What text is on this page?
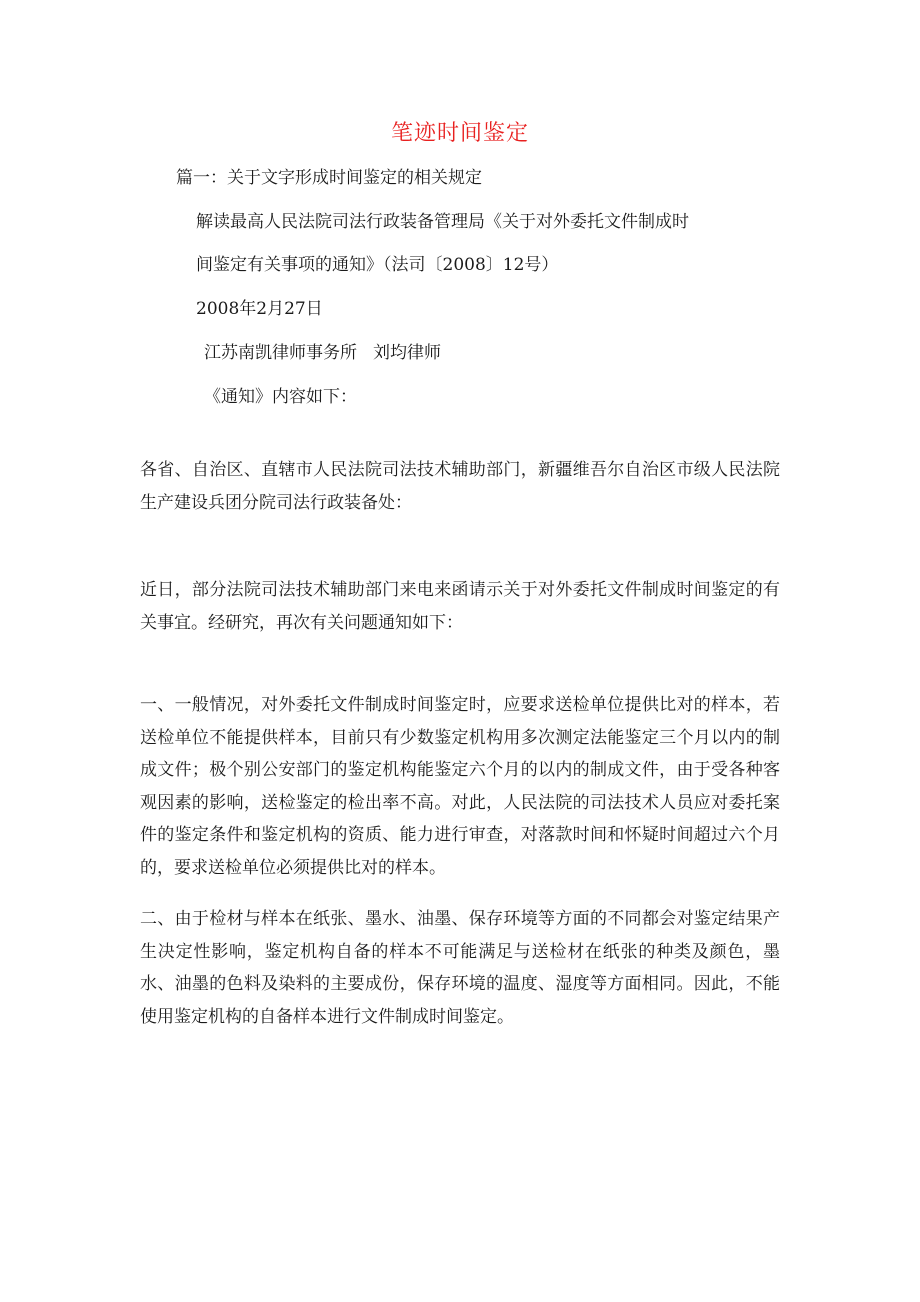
笔迹时间鉴定

篇一：关于文字形成时间鉴定的相关规定

解读最高人民法院司法行政装备管理局《关于对外委托文件制成时

间鉴定有关事项的通知》（法司〔2008〕12号）

2008年2月27日

江苏南凯律师事务所 刘均律师

《通知》内容如下：

各省、自治区、直辖市人民法院司法技术辅助部门，新疆维吾尔自治区市级人民法院生产建设兵团分院司法行政装备处：

近日，部分法院司法技术辅助部门来电来函请示关于对外委托文件制成时间鉴定的有关事宜。经研究，再次有关问题通知如下：

一、一般情况，对外委托文件制成时间鉴定时，应要求送检单位提供比对的样本，若送检单位不能提供样本，目前只有少数鉴定机构用多次测定法能鉴定三个月以内的制成文件；极个别公安部门的鉴定机构能鉴定六个月的以内的制成文件，由于受各种客观因素的影响，送检鉴定的检出率不高。对此，人民法院的司法技术人员应对委托案件的鉴定条件和鉴定机构的资质、能力进行审查，对落款时间和怀疑时间超过六个月的，要求送检单位必须提供比对的样本。

二、由于检材与样本在纸张、墨水、油墨、保存环境等方面的不同都会对鉴定结果产生决定性影响，鉴定机构自备的样本不可能满足与送检材在纸张的种类及颜色，墨水、油墨的色料及染料的主要成份，保存环境的温度、湿度等方面相同。因此，不能使用鉴定机构的自备样本进行文件制成时间鉴定。
